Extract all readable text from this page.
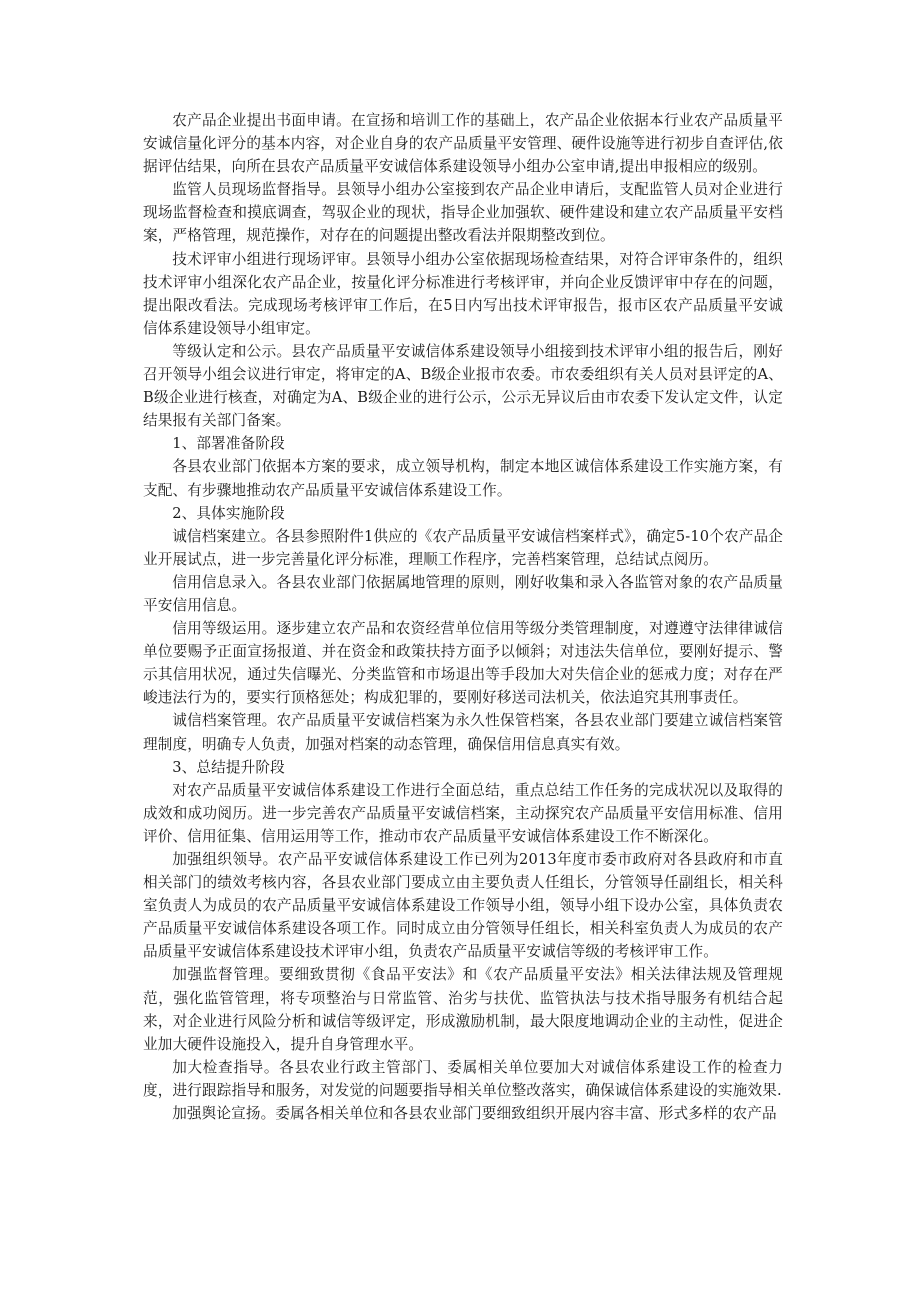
农产品企业提出书面申请。在宣扬和培训工作的基础上，农产品企业依据本行业农产品质量平安诚信量化评分的基本内容，对企业自身的农产品质量平安管理、硬件设施等进行初步自查评估,依据评估结果，向所在县农产品质量平安诚信体系建设领导小组办公室申请,提出申报相应的级别。

监管人员现场监督指导。县领导小组办公室接到农产品企业申请后，支配监管人员对企业进行现场监督检查和摸底调查，驾驭企业的现状，指导企业加强软、硬件建设和建立农产品质量平安档案，严格管理，规范操作，对存在的问题提出整改看法并限期整改到位。

技术评审小组进行现场评审。县领导小组办公室依据现场检查结果，对符合评审条件的，组织技术评审小组深化农产品企业，按量化评分标准进行考核评审，并向企业反馈评审中存在的问题，提出限改看法。完成现场考核评审工作后，在5日内写出技术评审报告，报市区农产品质量平安诚信体系建设领导小组审定。

等级认定和公示。县农产品质量平安诚信体系建设领导小组接到技术评审小组的报告后，刚好召开领导小组会议进行审定，将审定的A、B级企业报市农委。市农委组织有关人员对县评定的A、B级企业进行核查，对确定为A、B级企业的进行公示，公示无异议后由市农委下发认定文件，认定结果报有关部门备案。

1、部署准备阶段

各县农业部门依据本方案的要求，成立领导机构，制定本地区诚信体系建设工作实施方案，有支配、有步骤地推动农产品质量平安诚信体系建设工作。

2、具体实施阶段

诚信档案建立。各县参照附件1供应的《农产品质量平安诚信档案样式》，确定5-10个农产品企业开展试点，进一步完善量化评分标准，理顺工作程序，完善档案管理，总结试点阅历。

信用信息录入。各县农业部门依据属地管理的原则，刚好收集和录入各监管对象的农产品质量平安信用信息。

信用等级运用。逐步建立农产品和农资经营单位信用等级分类管理制度，对遵遵守法律律诚信单位要赐予正面宣扬报道、并在资金和政策扶持方面予以倾斜；对违法失信单位，要刚好提示、警示其信用状况，通过失信曝光、分类监管和市场退出等手段加大对失信企业的惩戒力度；对存在严峻违法行为的，要实行顶格惩处；构成犯罪的，要刚好移送司法机关，依法追究其刑事责任。

诚信档案管理。农产品质量平安诚信档案为永久性保管档案，各县农业部门要建立诚信档案管理制度，明确专人负责，加强对档案的动态管理，确保信用信息真实有效。

3、总结提升阶段

对农产品质量平安诚信体系建设工作进行全面总结，重点总结工作任务的完成状况以及取得的成效和成功阅历。进一步完善农产品质量平安诚信档案，主动探究农产品质量平安信用标准、信用评价、信用征集、信用运用等工作，推动市农产品质量平安诚信体系建设工作不断深化。

加强组织领导。农产品平安诚信体系建设工作已列为2013年度市委市政府对各县政府和市直相关部门的绩效考核内容，各县农业部门要成立由主要负责人任组长，分管领导任副组长，相关科室负责人为成员的农产品质量平安诚信体系建设工作领导小组，领导小组下设办公室，具体负责农产品质量平安诚信体系建设各项工作。同时成立由分管领导任组长，相关科室负责人为成员的农产品质量平安诚信体系建设技术评审小组，负责农产品质量平安诚信等级的考核评审工作。

加强监督管理。要细致贯彻《食品平安法》和《农产品质量平安法》相关法律法规及管理规范，强化监管管理，将专项整治与日常监管、治劣与扶优、监管执法与技术指导服务有机结合起来，对企业进行风险分析和诚信等级评定，形成激励机制，最大限度地调动企业的主动性，促进企业加大硬件设施投入，提升自身管理水平。

加大检查指导。各县农业行政主管部门、委属相关单位要加大对诚信体系建设工作的检查力度，进行跟踪指导和服务，对发觉的问题要指导相关单位整改落实，确保诚信体系建设的实施效果.

加强舆论宣扬。委属各相关单位和各县农业部门要细致组织开展内容丰富、形式多样的农产品
